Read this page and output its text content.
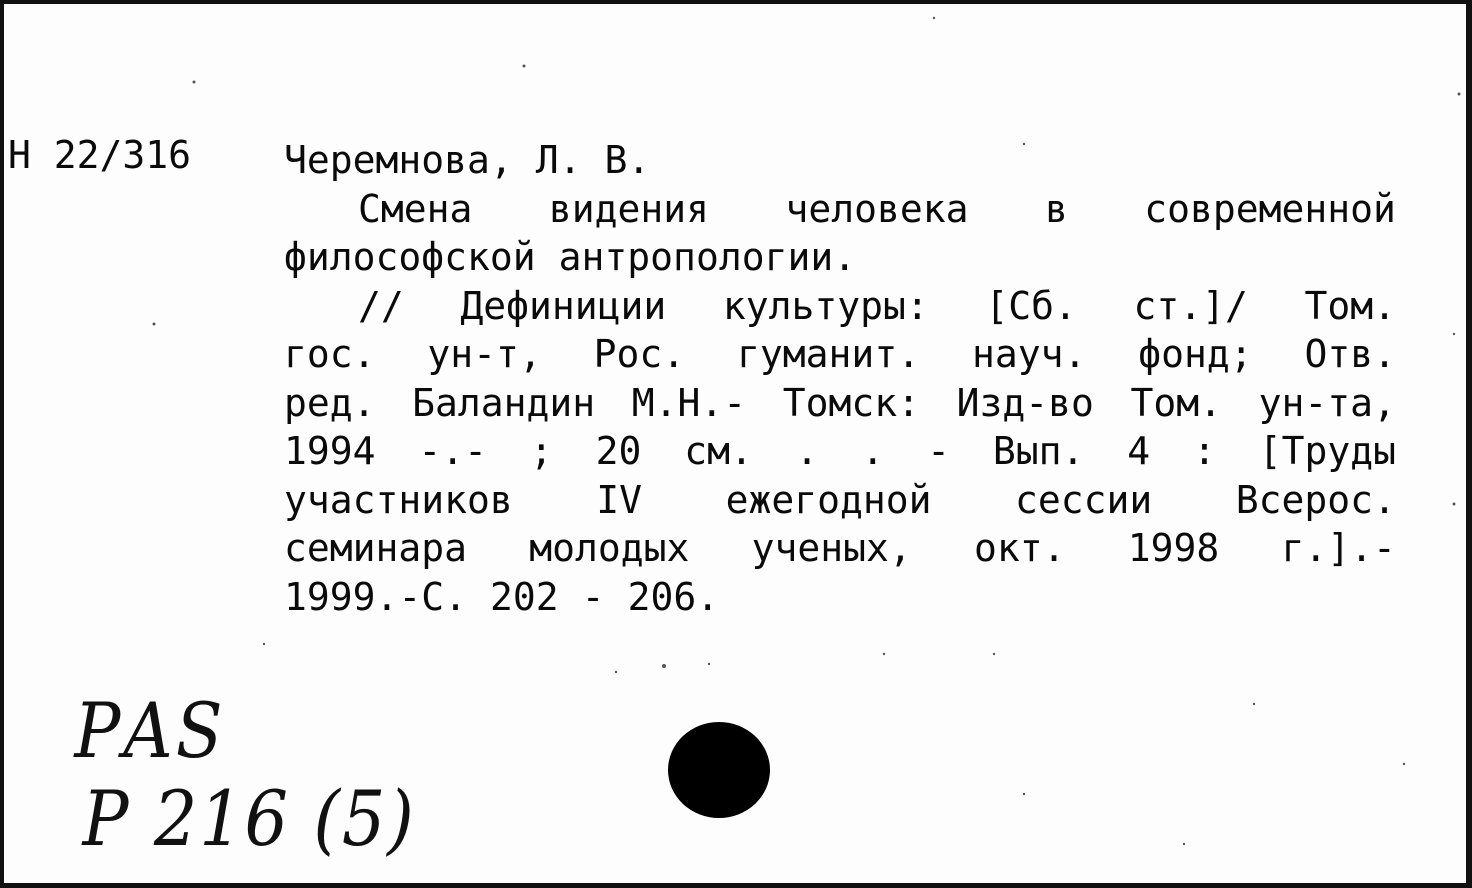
Н 22/316 Черемнова, Л. В.
Смена видения человека в современной
философской антропологии.
// Дефиниции культуры: [Сб. ст.]/ Том.
гос. ун-т, Рос. гуманит. науч. фонд; Отв.
ред. Баландин М.Н.- Томск: Изд-во Том. ун-та,
1994 -.- ; 20 см. . . - Вып. 4 : [Труды
участников IV ежегодной сессии Всерос.
семинара молодых ученых, окт. 1998 г.].-
1999.-С. 202 - 206.
РАЅ
Р 216 (5)
